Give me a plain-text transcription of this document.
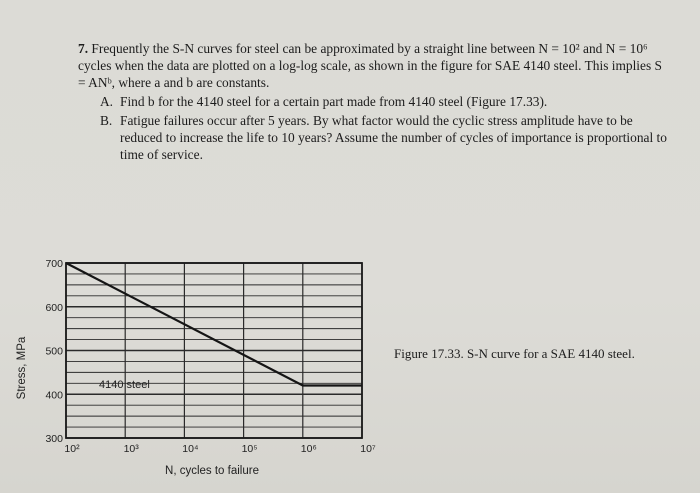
7. Frequently the S-N curves for steel can be approximated by a straight line between N = 10² and N = 10⁶ cycles when the data are plotted on a log-log scale, as shown in the figure for SAE 4140 steel. This implies S = ANᵇ, where a and b are constants.

A. Find b for the 4140 steel for a certain part made from 4140 steel (Figure 17.33).
B. Fatigue failures occur after 5 years. By what factor would the cyclic stress amplitude have to be reduced to increase the life to 10 years? Assume the number of cycles of importance is proportional to time of service.
300
400
500
600
700
10²	10³	10⁴	10⁵	10⁶	10⁷
4140 steel
N, cycles to failure
Stress, MPa	Figure 17.33. S-N curve for a SAE 4140 steel.
